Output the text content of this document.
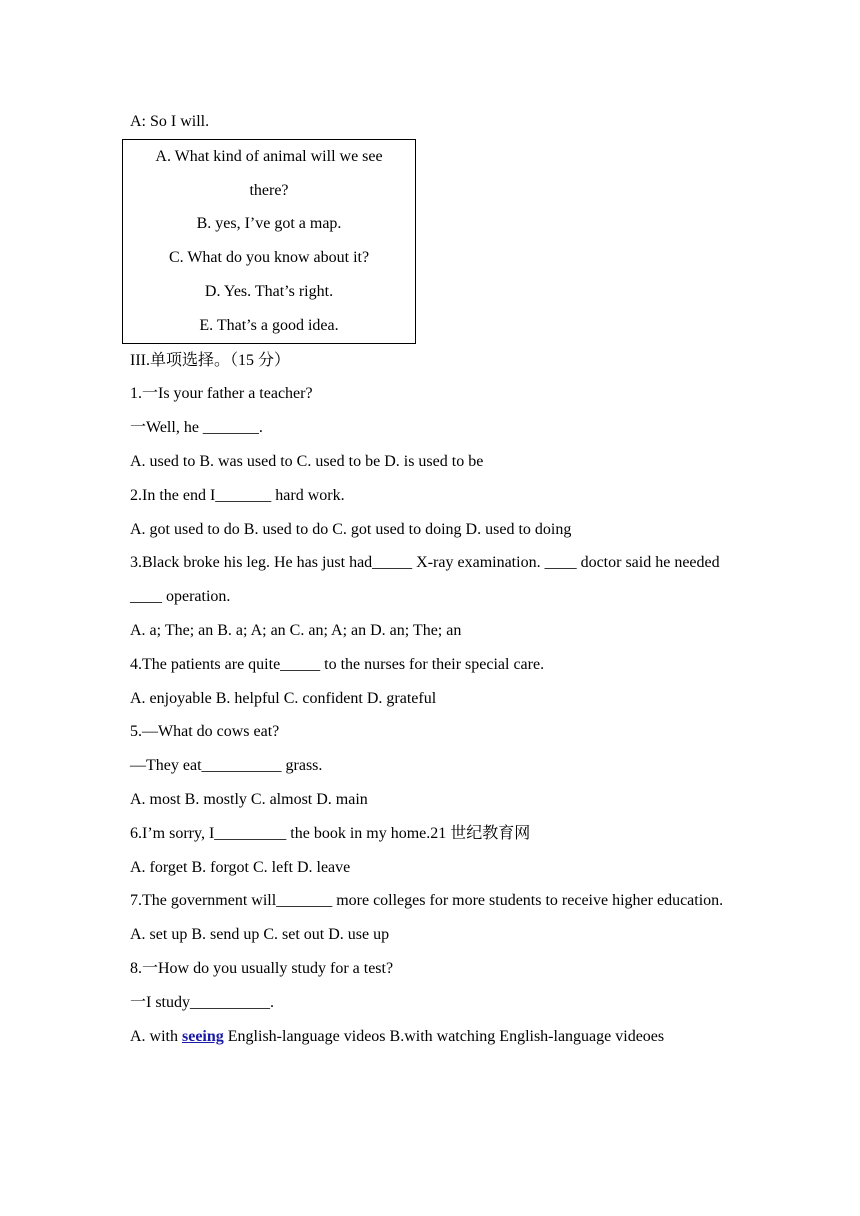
A: So I will.
A. What kind of animal will we see there?
B. yes, I’ve got a map.
C. What do you know about it?
D. Yes. That’s right.
E. That’s a good idea.
III.单项选择。（15 分）
1.一Is your father a teacher?
一Well, he _______.
A. used to B. was used to C. used to be D. is used to be
2.In the end I_______ hard work.
A. got used to do B. used to do C. got used to doing D. used to doing
3.Black broke his leg. He has just had_____ X-ray examination. ____ doctor said he needed ____ operation.
A. a; The; an B. a; A; an C. an; A; an D. an; The; an
4.The patients are quite_____ to the nurses for their special care.
A. enjoyable B. helpful C. confident D. grateful
5.—What do cows eat?
—They eat__________ grass.
A. most B. mostly C. almost D. main
6.I’m sorry, I_________ the book in my home.21 世纪教育网
A. forget B. forgot C. left D. leave
7.The government will_______ more colleges for more students to receive higher education.
A. set up B. send up C. set out D. use up
8.一How do you usually study for a test?
一I study__________.
A. with seeing English-language videos B.with watching English-language videoes
